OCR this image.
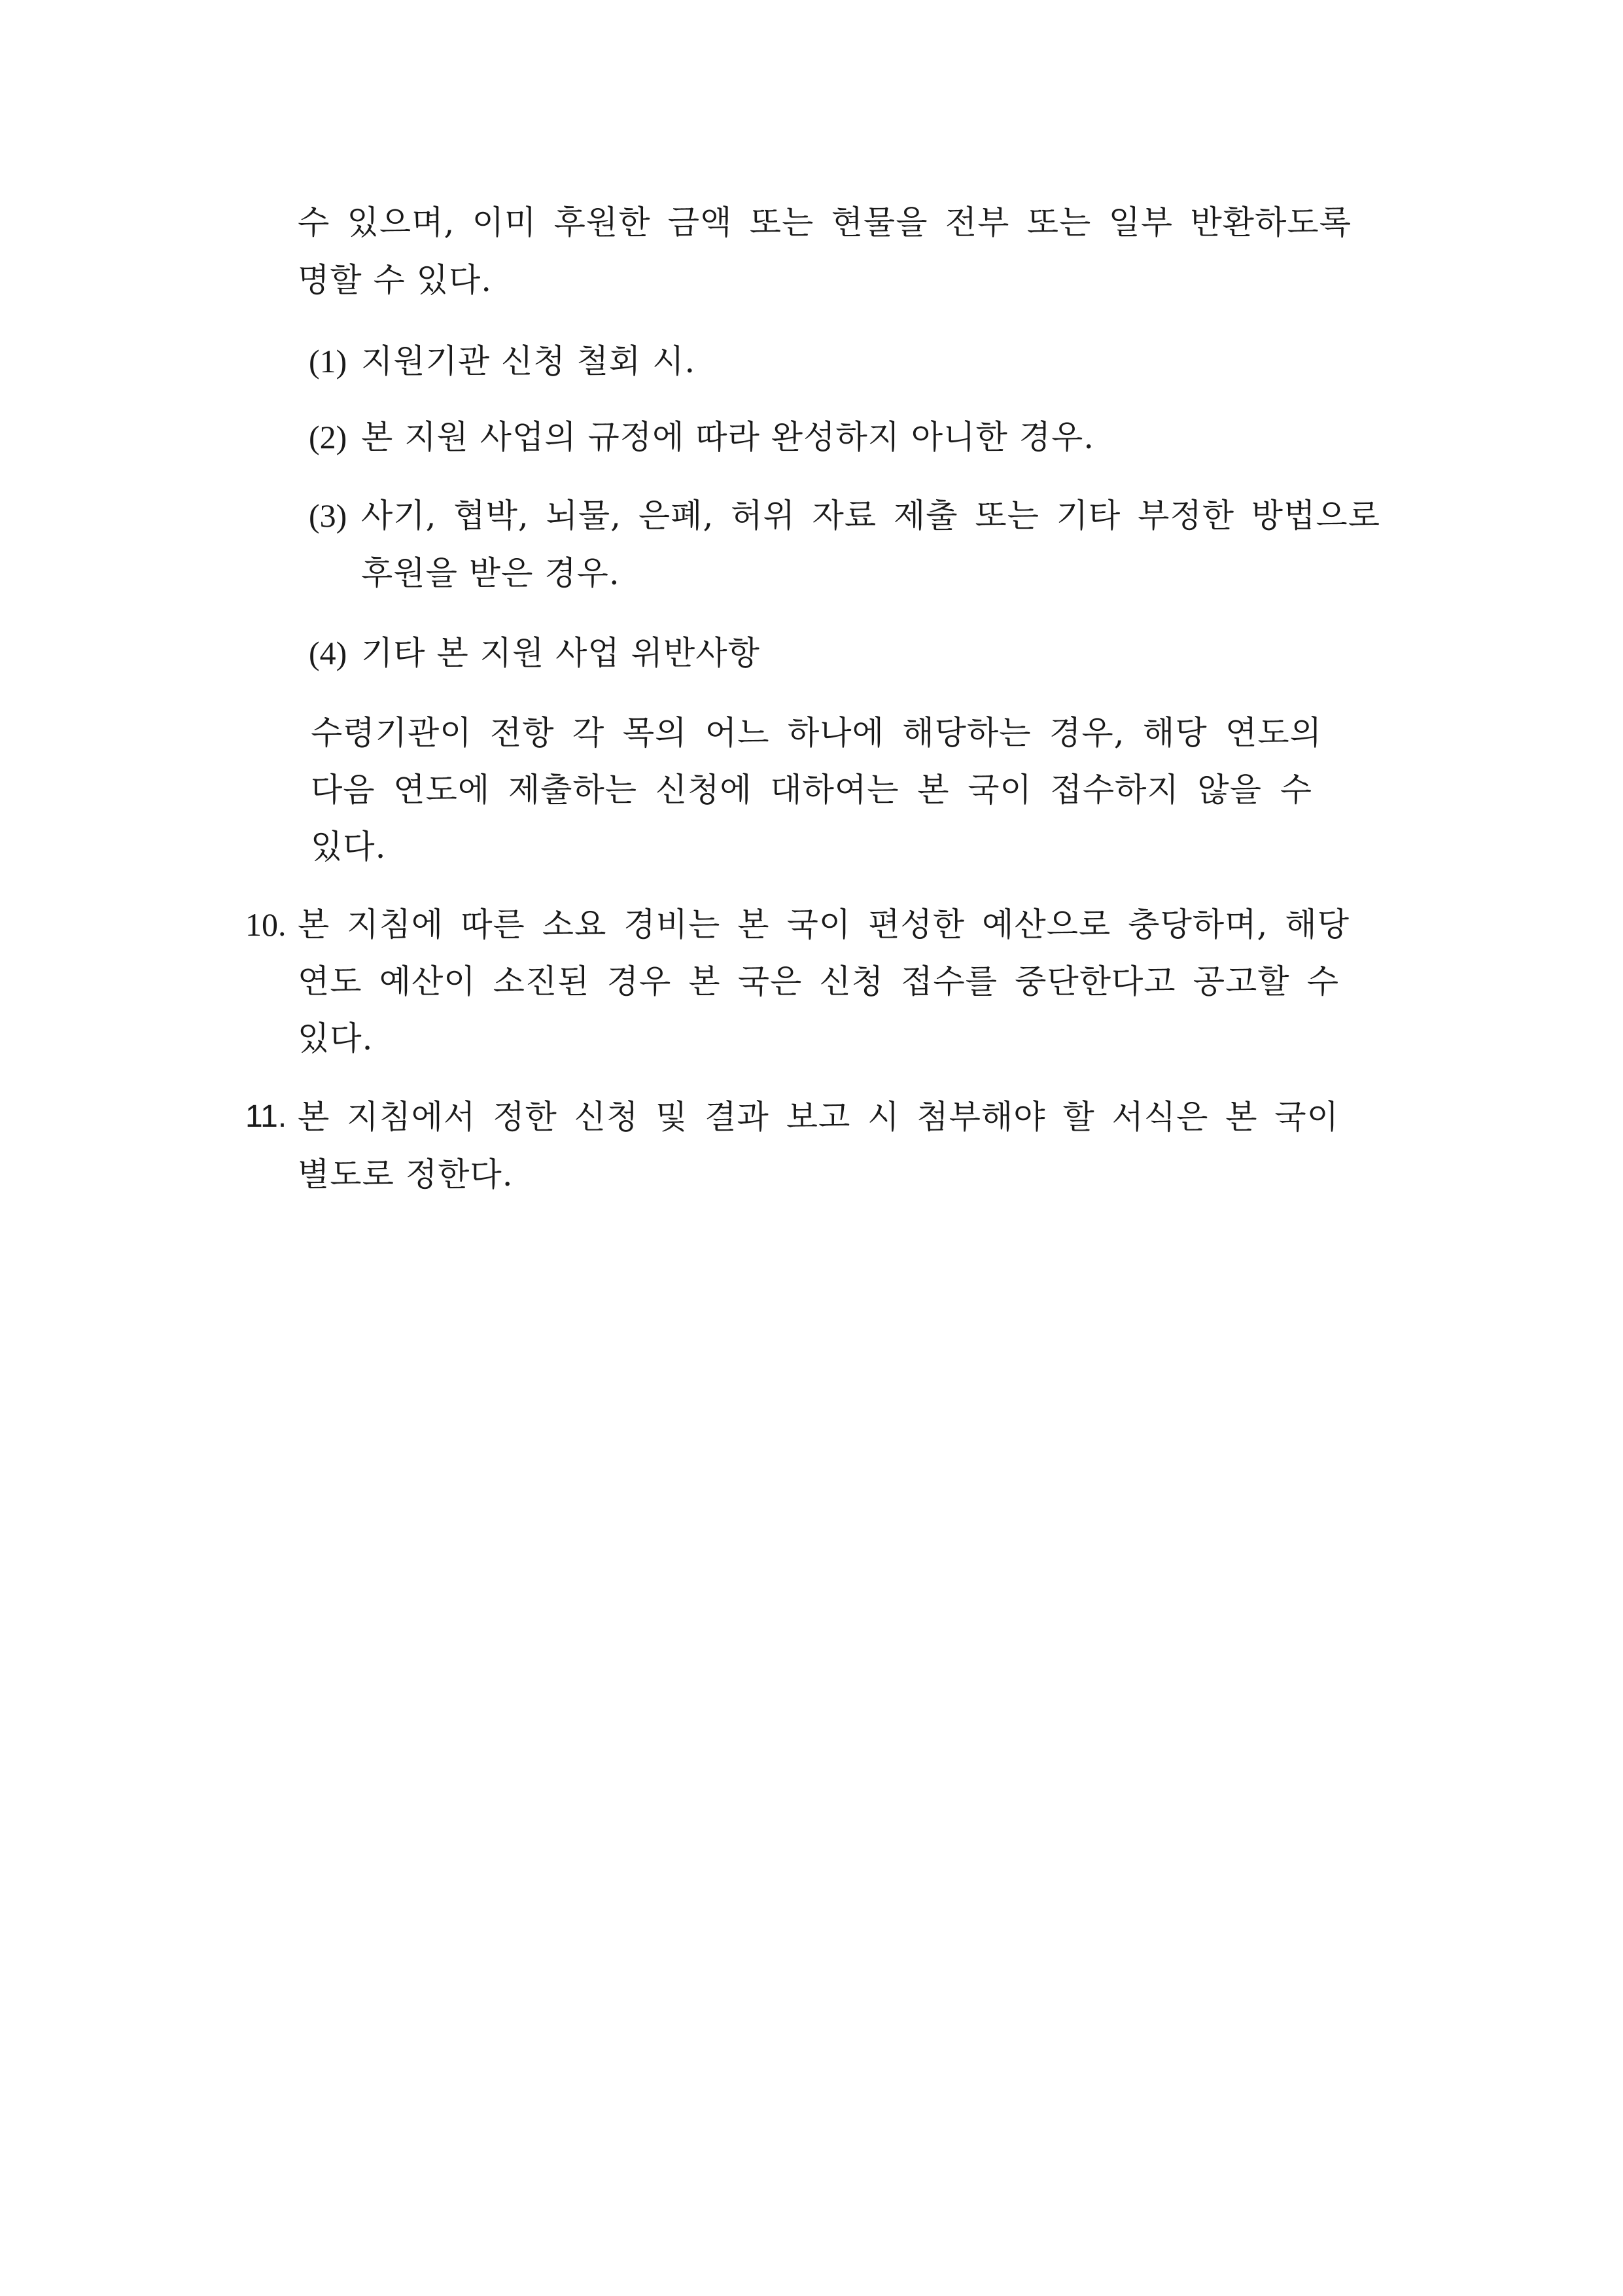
수 있으며, 이미 후원한 금액 또는 현물을 전부 또는 일부 반환하도록
명할 수 있다.
(1) 지원기관 신청 철회 시.
(2) 본 지원 사업의 규정에 따라 완성하지 아니한 경우.
(3) 사기, 협박, 뇌물, 은폐, 허위 자료 제출 또는 기타 부정한 방법으로
후원을 받은 경우.
(4) 기타 본 지원 사업 위반사항
수령기관이 전항 각 목의 어느 하나에 해당하는 경우, 해당 연도의
다음 연도에 제출하는 신청에 대하여는 본 국이 접수하지 않을 수
있다.
10. 본 지침에 따른 소요 경비는 본 국이 편성한 예산으로 충당하며, 해당
연도 예산이 소진된 경우 본 국은 신청 접수를 중단한다고 공고할 수
있다.
11. 본 지침에서 정한 신청 및 결과 보고 시 첨부해야 할 서식은 본 국이
별도로 정한다.
